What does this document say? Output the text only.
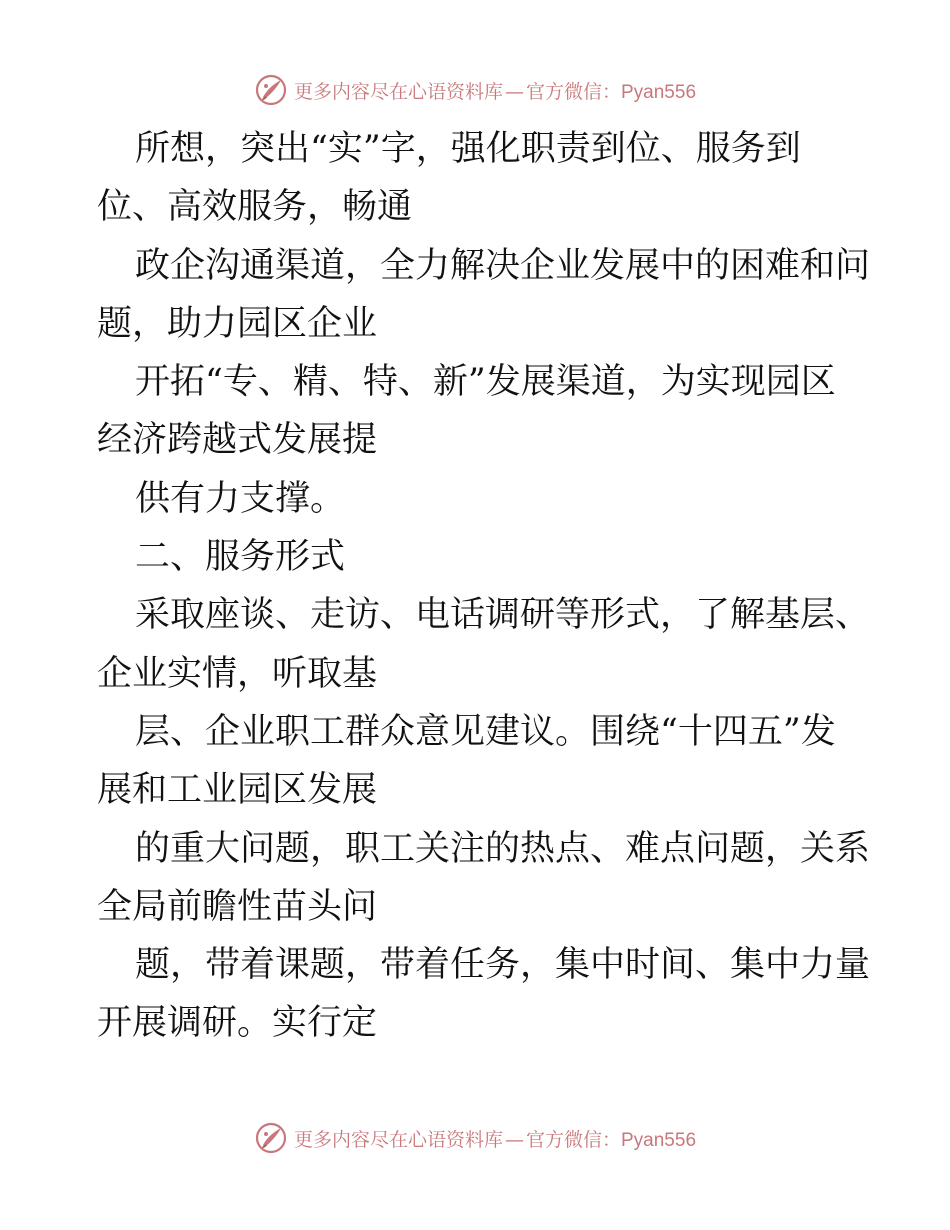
更多内容尽在心语资料库 — 官方微信：Pyan556
所想，突出“实”字，强化职责到位、服务到
位、高效服务，畅通
政企沟通渠道，全力解决企业发展中的困难和问
题，助力园区企业
开拓“专、精、特、新”发展渠道，为实现园区
经济跨越式发展提
供有力支撑。
二、服务形式
采取座谈、走访、电话调研等形式，了解基层、
企业实情，听取基
层、企业职工群众意见建议。围绕“十四五”发
展和工业园区发展
的重大问题，职工关注的热点、难点问题，关系
全局前瞻性苗头问
题，带着课题，带着任务，集中时间、集中力量
开展调研。实行定
更多内容尽在心语资料库 — 官方微信：Pyan556
